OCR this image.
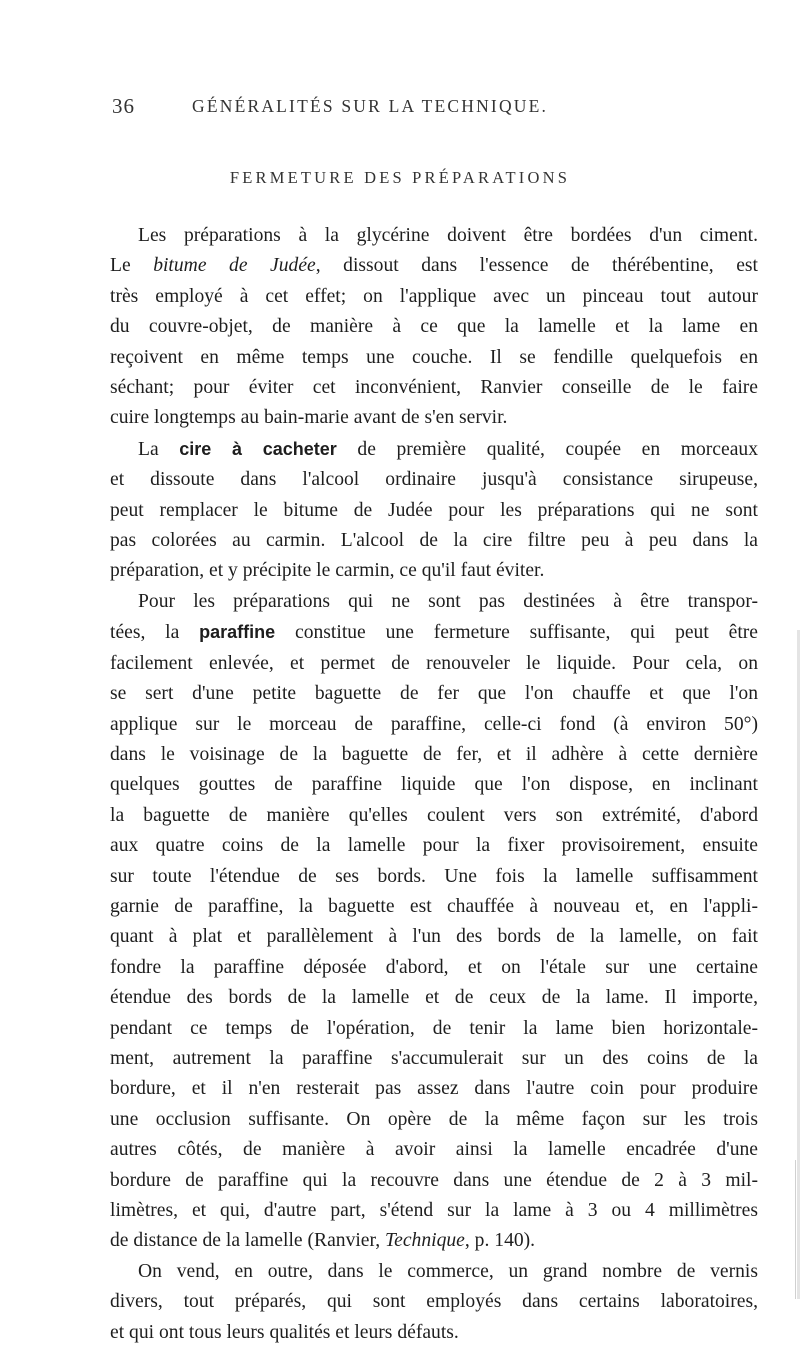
36	GÉNÉRALITÉS SUR LA TECHNIQUE.
FERMETURE DES PRÉPARATIONS
Les préparations à la glycérine doivent être bordées d'un ciment.
Le bitume de Judée, dissout dans l'essence de thérébentine, est
très employé à cet effet; on l'applique avec un pinceau tout autour
du couvre-objet, de manière à ce que la lamelle et la lame en
reçoivent en même temps une couche. Il se fendille quelquefois en
séchant; pour éviter cet inconvénient, Ranvier conseille de le faire
cuire longtemps au bain-marie avant de s'en servir.
La cire à cacheter de première qualité, coupée en morceaux
et dissoute dans l'alcool ordinaire jusqu'à consistance sirupeuse,
peut remplacer le bitume de Judée pour les préparations qui ne sont
pas colorées au carmin. L'alcool de la cire filtre peu à peu dans la
préparation, et y précipite le carmin, ce qu'il faut éviter.
Pour les préparations qui ne sont pas destinées à être transpor-
tées, la paraffine constitue une fermeture suffisante, qui peut être
facilement enlevée, et permet de renouveler le liquide. Pour cela, on
se sert d'une petite baguette de fer que l'on chauffe et que l'on
applique sur le morceau de paraffine, celle-ci fond (à environ 50°)
dans le voisinage de la baguette de fer, et il adhère à cette dernière
quelques gouttes de paraffine liquide que l'on dispose, en inclinant
la baguette de manière qu'elles coulent vers son extrémité, d'abord
aux quatre coins de la lamelle pour la fixer provisoirement, ensuite
sur toute l'étendue de ses bords. Une fois la lamelle suffisamment
garnie de paraffine, la baguette est chauffée à nouveau et, en l'appli-
quant à plat et parallèlement à l'un des bords de la lamelle, on fait
fondre la paraffine déposée d'abord, et on l'étale sur une certaine
étendue des bords de la lamelle et de ceux de la lame. Il importe,
pendant ce temps de l'opération, de tenir la lame bien horizontale-
ment, autrement la paraffine s'accumulerait sur un des coins de la
bordure, et il n'en resterait pas assez dans l'autre coin pour produire
une occlusion suffisante. On opère de la même façon sur les trois
autres côtés, de manière à avoir ainsi la lamelle encadrée d'une
bordure de paraffine qui la recouvre dans une étendue de 2 à 3 mil-
limètres, et qui, d'autre part, s'étend sur la lame à 3 ou 4 millimètres
de distance de la lamelle (Ranvier, Technique, p. 140).
On vend, en outre, dans le commerce, un grand nombre de vernis
divers, tout préparés, qui sont employés dans certains laboratoires,
et qui ont tous leurs qualités et leurs défauts.
